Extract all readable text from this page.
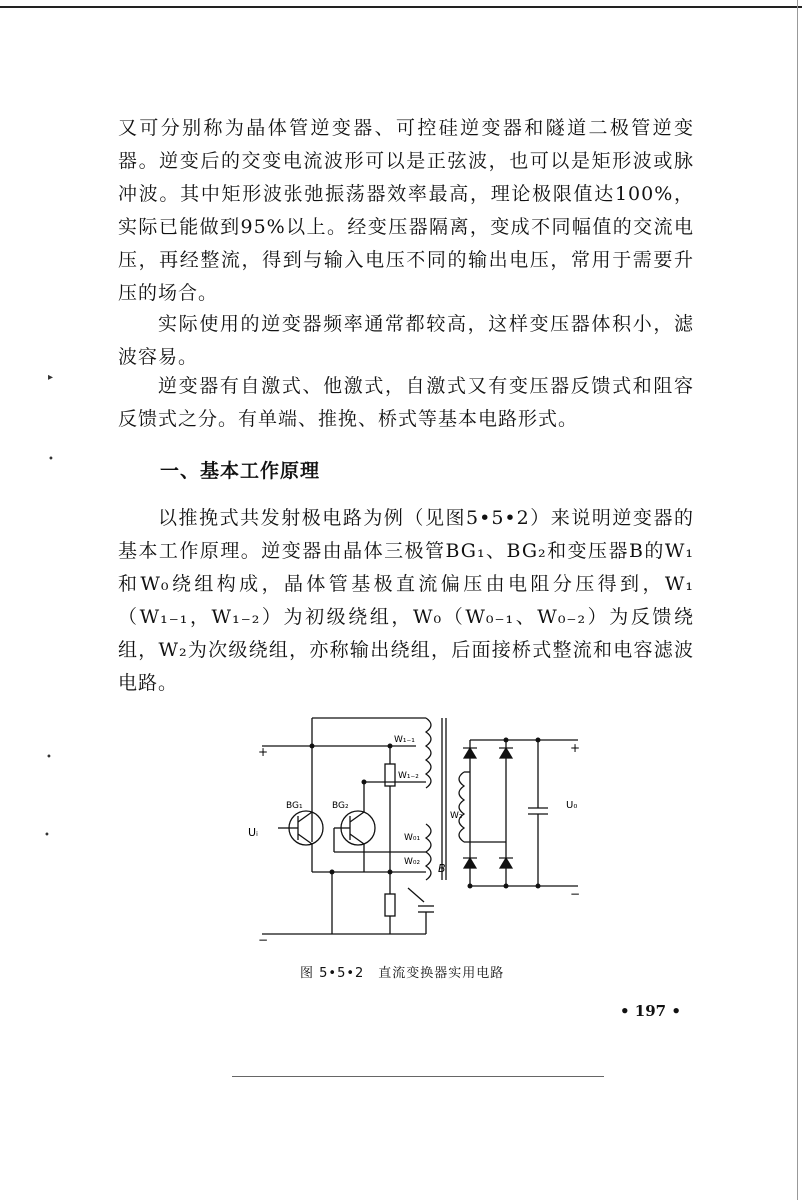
又可分别称为晶体管逆变器、可控硅逆变器和隧道二极管逆变器。逆变后的交变电流波形可以是正弦波，也可以是矩形波或脉冲波。其中矩形波张弛振荡器效率最高，理论极限值达100%，实际已能做到95%以上。经变压器隔离，变成不同幅值的交流电压，再经整流，得到与输入电压不同的输出电压，常用于需要升压的场合。

实际使用的逆变器频率通常都较高，这样变压器体积小，滤波容易。

逆变器有自激式、他激式，自激式又有变压器反馈式和阻容反馈式之分。有单端、推挽、桥式等基本电路形式。

一、基本工作原理

以推挽式共发射极电路为例（见图5•5•2）来说明逆变器的基本工作原理。逆变器由晶体三极管BG₁、BG₂和变压器B的W₁和W₀绕组构成，晶体管基极直流偏压由电阻分压得到，W₁（W₁₋₁，W₁₋₂）为初级绕组，W₀（W₀₋₁、W₀₋₂）为反馈绕组，W₂为次级绕组，亦称输出绕组，后面接桥式整流和电容滤波电路。

▸
•
•
•
W₁₋₁
W₁₋₂
BG₁	BG₂
Uᵢ	W₀₁
W₀₂ B
W₂
U₀
+
−
+
−
图 5•5•2　直流变换器实用电路
• 197 •
